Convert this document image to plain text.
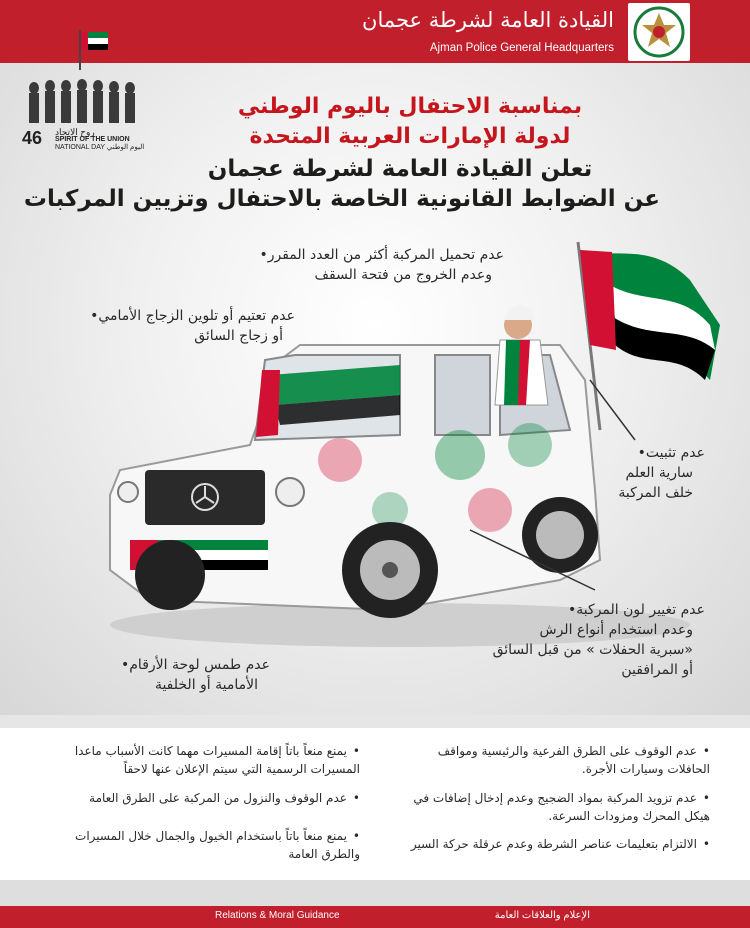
القيادة العامة لشرطة عجمان
Ajman Police General Headquarters
46 روح الاتحاد
SPIRIT OF THE UNION
NATIONAL DAY اليوم الوطني
بمناسبة الاحتفال باليوم الوطني
لدولة الإمارات العربية المتحدة
تعلن القيادة العامة لشرطة عجمان
عن الضوابط القانونية الخاصة بالاحتفال وتزيين المركبات
عدم تحميل المركبة أكثر من العدد المقرر•
وعدم الخروج من فتحة السقف
عدم تعتيم أو تلوين الزجاج الأمامي•
أو زجاج السائق
عدم تثبيت•
سارية العلم
خلف المركبة
عدم تغيير لون المركبة•
وعدم استخدام أنواع الرش
«سبرية الحفلات » من قبل السائق
أو المرافقين
عدم طمس لوحة الأرقام•
الأمامية أو الخلفية
• عدم الوقوف على الطرق الفرعية والرئيسية ومواقف الحافلات وسيارات الأجرة.
• عدم تزويد المركبة بمواد الضجيج وعدم إدخال إضافات في هيكل المحرك ومزودات السرعة.
• الالتزام بتعليمات عناصر الشرطة وعدم عرقلة حركة السير
• يمنع منعاً باتاً إقامة المسيرات مهما كانت الأسباب ماعدا المسيرات الرسمية التي سيتم الإعلان عنها لاحقاً
• عدم الوقوف والنزول من المركبة على الطرق العامة
• يمنع منعاً باتاً باستخدام الخيول والجمال خلال المسيرات والطرق العامة
Relations & Moral Guidance	الإعلام والعلاقات العامة
